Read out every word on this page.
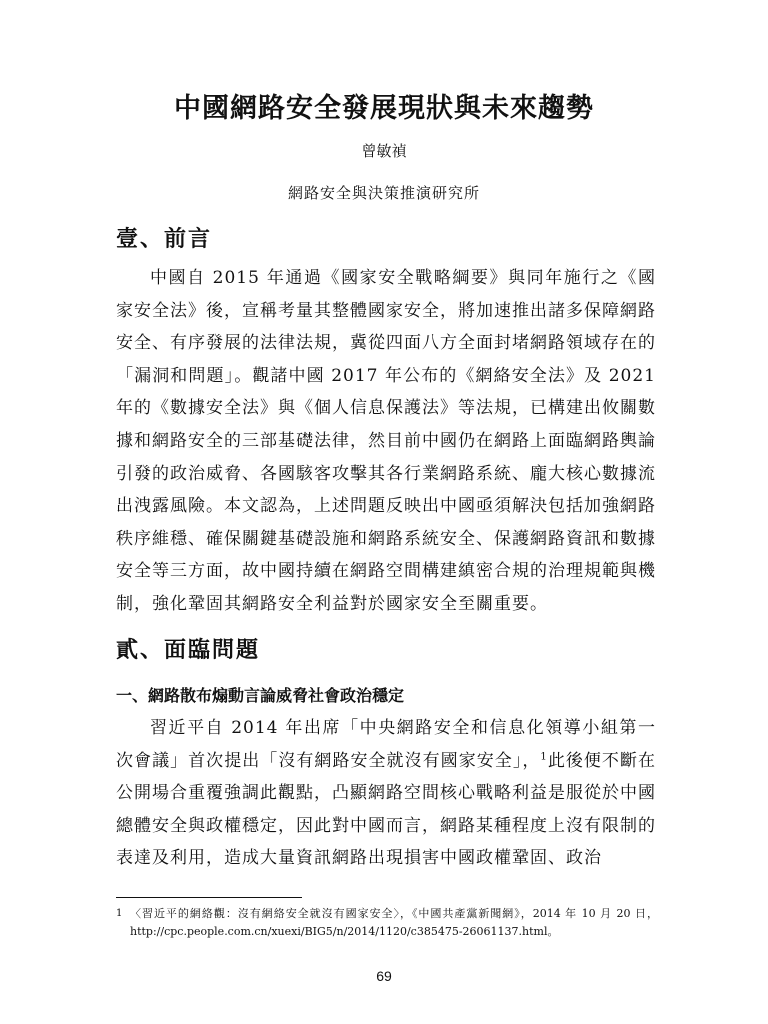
中國網路安全發展現狀與未來趨勢
曾敏禎
網路安全與決策推演研究所
壹、前言

中國自 2015 年通過《國家安全戰略綱要》與同年施行之《國家安全法》後，宣稱考量其整體國家安全，將加速推出諸多保障網路安全、有序發展的法律法規，冀從四面八方全面封堵網路領域存在的「漏洞和問題」。觀諸中國 2017 年公布的《網絡安全法》及 2021 年的《數據安全法》與《個人信息保護法》等法規，已構建出攸關數據和網路安全的三部基礎法律，然目前中國仍在網路上面臨網路輿論引發的政治威脅、各國駭客攻擊其各行業網路系統、龐大核心數據流出洩露風險。本文認為，上述問題反映出中國亟須解決包括加強網路秩序維穩、確保關鍵基礎設施和網路系統安全、保護網路資訊和數據安全等三方面，故中國持續在網路空間構建縝密合規的治理規範與機制，強化鞏固其網路安全利益對於國家安全至關重要。

貳、面臨問題
一、網路散布煽動言論威脅社會政治穩定

習近平自 2014 年出席「中央網路安全和信息化領導小組第一次會議」首次提出「沒有網路安全就沒有國家安全」，$^1$此後便不斷在公開場合重覆強調此觀點，凸顯網路空間核心戰略利益是服從於中國總體安全與政權穩定，因此對中國而言，網路某種程度上沒有限制的表達及利用，造成大量資訊網路出現損害中國政權鞏固、政治

1 〈習近平的網絡觀：沒有網絡安全就沒有國家安全〉，《中國共產黨新聞網》，2014 年 10 月 20 日，http://cpc.people.com.cn/xuexi/BIG5/n/2014/1120/c385475-26061137.html。
69
